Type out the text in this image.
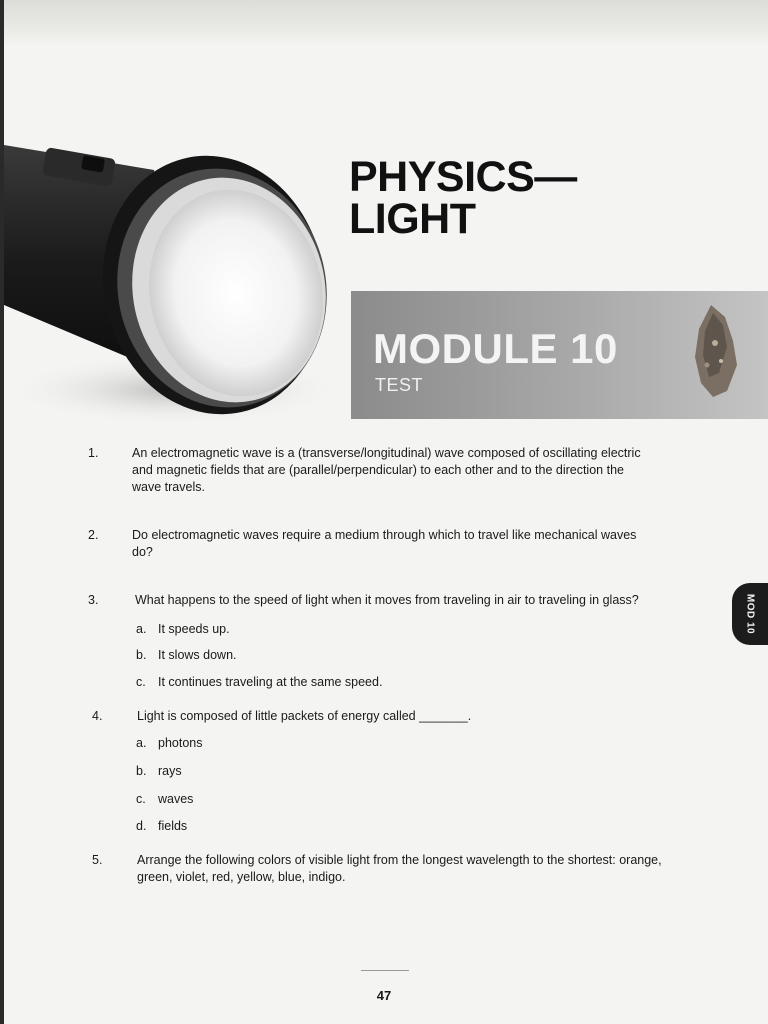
PHYSICS—
LIGHT
MODULE 10
TEST
MOD 10
1.	An electromagnetic wave is a (transverse/longitudinal) wave composed of oscillating electric and magnetic fields that are (parallel/perpendicular) to each other and to the direction the wave travels.
2.	Do electromagnetic waves require a medium through which to travel like mechanical waves do?
3.	What happens to the speed of light when it moves from traveling in air to traveling in glass?
a. It speeds up.
b. It slows down.
c. It continues traveling at the same speed.
4.	Light is composed of little packets of energy called _______.
a. photons
b. rays
c. waves
d. fields
5.	Arrange the following colors of visible light from the longest wavelength to the shortest: orange, green, violet, red, yellow, blue, indigo.
47
